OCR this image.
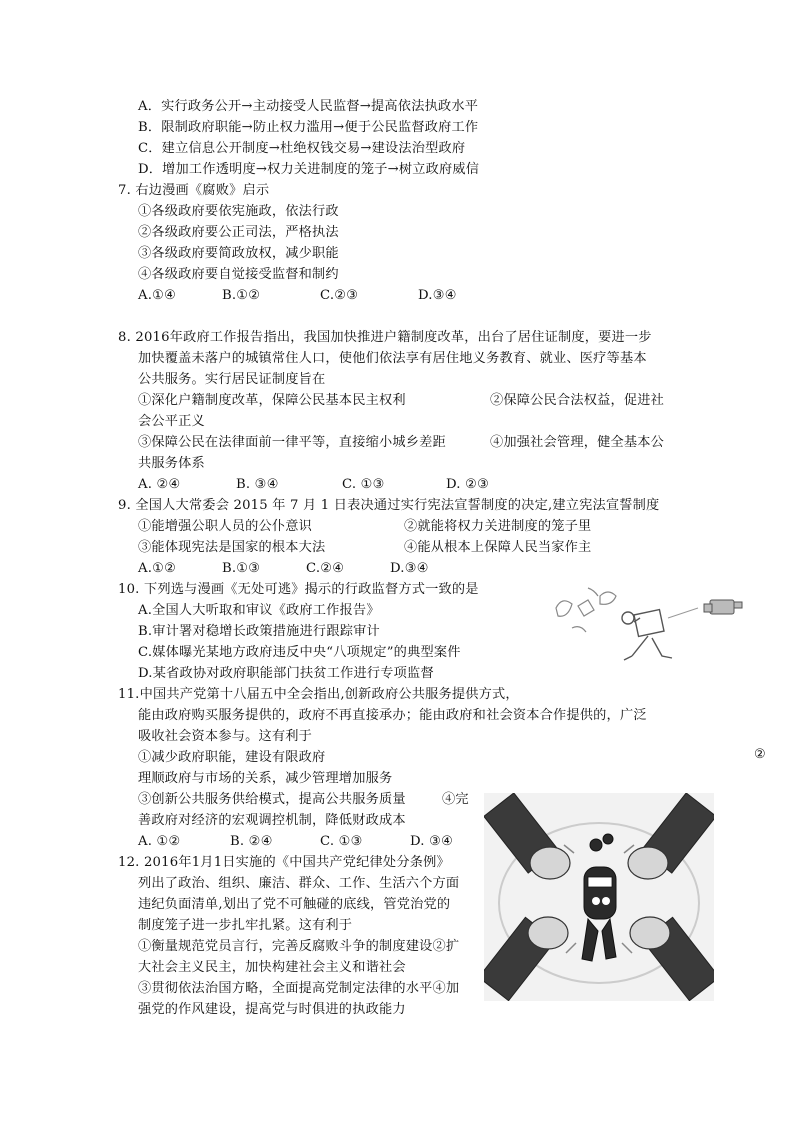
A．实行政务公开→主动接受人民监督→提高依法执政水平
B．限制政府职能→防止权力滥用→便于公民监督政府工作
C．建立信息公开制度→杜绝权钱交易→建设法治型政府
D．增加工作透明度→权力关进制度的笼子→树立政府威信
7. 右边漫画《腐败》启示
①各级政府要依宪施政，依法行政
②各级政府要公正司法，严格执法
③各级政府要简政放权，减少职能
④各级政府要自觉接受监督和制约
A.①④	B.①②	C.②③	D.③④
8. 2016年政府工作报告指出，我国加快推进户籍制度改革，出台了居住证制度，要进一步
加快覆盖未落户的城镇常住人口，使他们依法享有居住地义务教育、就业、医疗等基本
公共服务。实行居民证制度旨在
①深化户籍制度改革，保障公民基本民主权利	②保障公民合法权益，促进社
会公平正义
③保障公民在法律面前一律平等，直接缩小城乡差距	④加强社会管理，健全基本公
共服务体系
A. ②④	B. ③④	C. ①③	D. ②③
9. 全国人大常委会 2015 年 7 月 1 日表决通过实行宪法宣誓制度的决定,建立宪法宣誓制度
①能增强公职人员的公仆意识	②就能将权力关进制度的笼子里
③能体现宪法是国家的根本大法	④能从根本上保障人民当家作主
A.①②	B.①③	C.②④	D.③④
10. 下列选与漫画《无处可逃》揭示的行政监督方式一致的是
A.全国人大听取和审议《政府工作报告》
B.审计署对稳增长政策措施进行跟踪审计
C.媒体曝光某地方政府违反中央“八项规定”的典型案件
D.某省政协对政府职能部门扶贫工作进行专项监督
11.中国共产党第十八届五中全会指出,创新政府公共服务提供方式，
能由政府购买服务提供的，政府不再直接承办；能由政府和社会资本合作提供的，广泛
吸收社会资本参与。这有利于
①减少政府职能，建设有限政府	②
理顺政府与市场的关系，减少管理增加服务
③创新公共服务供给模式，提高公共服务质量	④完
善政府对经济的宏观调控机制，降低财政成本
A. ①②	B. ②④	C. ①③	D. ③④
12. 2016年1月1日实施的《中国共产党纪律处分条例》
列出了政治、组织、廉洁、群众、工作、生活六个方面
违纪负面清单,划出了党不可触碰的底线，管党治党的
制度笼子进一步扎牢扎紧。这有利于
①衡量规范党员言行，完善反腐败斗争的制度建设②扩
大社会主义民主，加快构建社会主义和谐社会
③贯彻依法治国方略，全面提高党制定法律的水平④加
强党的作风建设，提高党与时俱进的执政能力
